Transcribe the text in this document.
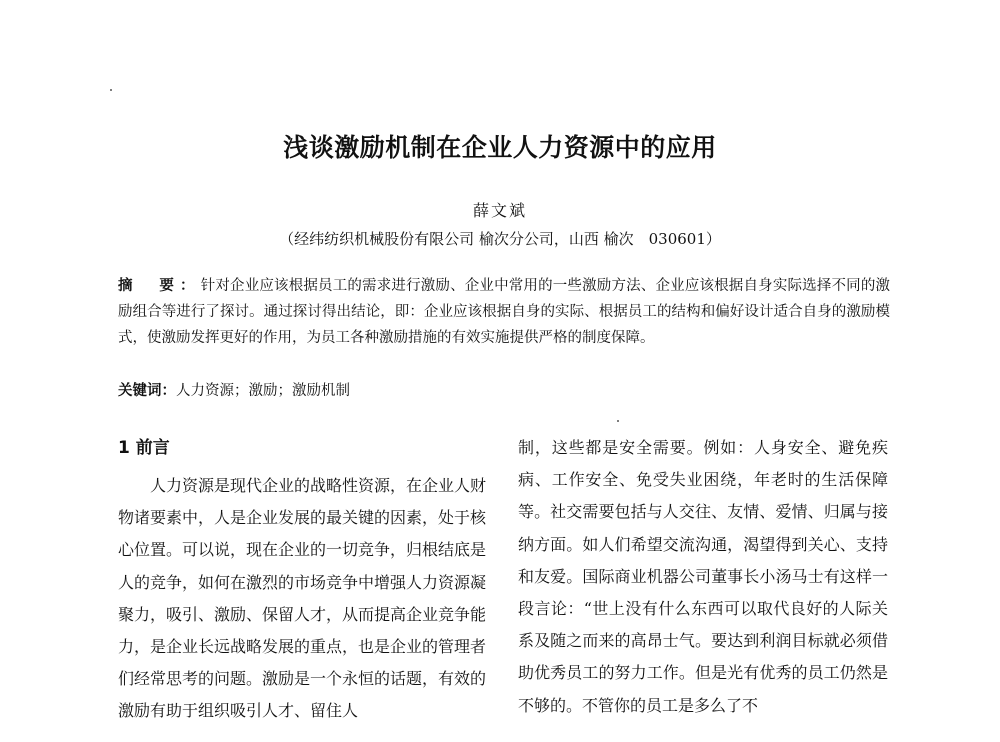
浅谈激励机制在企业人力资源中的应用
薛文斌
（经纬纺织机械股份有限公司 榆次分公司，山西 榆次　030601）
摘　要：针对企业应该根据员工的需求进行激励、企业中常用的一些激励方法、企业应该根据自身实际选择不同的激励组合等进行了探讨。通过探讨得出结论，即：企业应该根据自身的实际、根据员工的结构和偏好设计适合自身的激励模式，使激励发挥更好的作用，为员工各种激励措施的有效实施提供严格的制度保障。
关键词：人力资源；激励；激励机制
1 前言

人力资源是现代企业的战略性资源，在企业人财物诸要素中，人是企业发展的最关键的因素，处于核心位置。可以说，现在企业的一切竞争，归根结底是人的竞争，如何在激烈的市场竞争中增强人力资源凝聚力，吸引、激励、保留人才，从而提高企业竞争能力，是企业长远战略发展的重点，也是企业的管理者们经常思考的问题。激励是一个永恒的话题，有效的激励有助于组织吸引人才、留住人

制，这些都是安全需要。例如：人身安全、避免疾病、工作安全、免受失业困绕，年老时的生活保障等。社交需要包括与人交往、友情、爱情、归属与接纳方面。如人们希望交流沟通，渴望得到关心、支持和友爱。国际商业机器公司董事长小汤马士有这样一段言论：“世上没有什么东西可以取代良好的人际关系及随之而来的高昂士气。要达到利润目标就必须借助优秀员工的努力工作。但是光有优秀的员工仍然是不够的。不管你的员工是多么了不
